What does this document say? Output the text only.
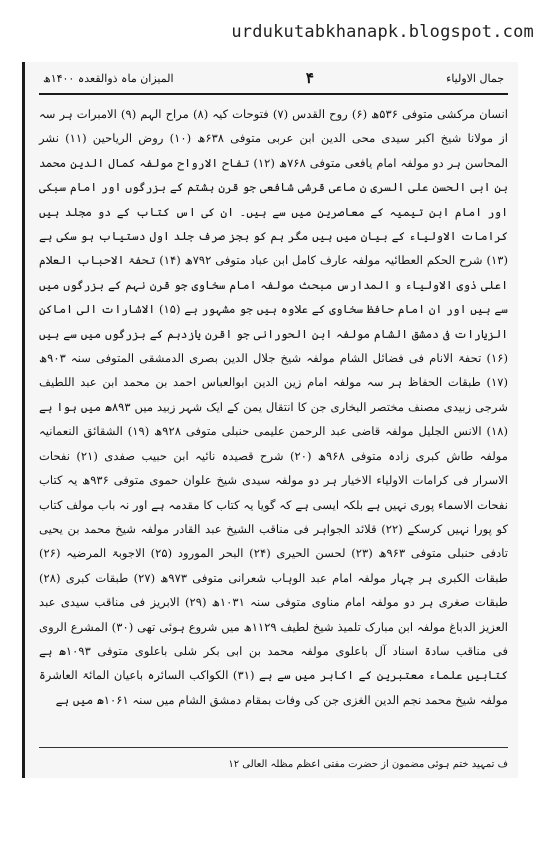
urdukutabkhanapk.blogspot.com
جمال الاولیاء
۴
المیزان ماہ ذوالقعدہ ۱۴۰۰ھ

انسان مرکشی متوفی ۵۳۶ھ (۶) روح القدس (۷) فتوحات کیہ (۸) مراح الہم (۹) الامبرات ہر سہ از مولانا شیخ اکبر سیدی محی الدین ابن عربی متوفی ۶۳۸ھ (۱۰) روض الریاحین (۱۱) نشر المحاسن ہر دو مولفہ امام یافعی متوفی ۷۶۸ھ (۱۲) تفاح الارواح مولفہ کمال الدین محمد بن ابی الحسن علی السری ن ماعی قرشی شافعی جو قرن ہشتم کے بزرگوں اور امام سبکی اور امام ابن تیمیہ کے معاصرین میں سے ہیں۔ ان کی اس کتاب کے دو مجلد ہیں کرامات الاولیاء کے بیان میں ہیں مگر ہم کو بجز صرف جلد اول دستیاب ہو سکی ہے (۱۳) شرح الحکم العطائیہ مولفہ عارف کامل ابن عباد متوفی ۷۹۲ھ (۱۴) تحفۃ الاحباب العلام اعلی ذوی الاولیاء و المدارس مبحث مولفہ امام سخاوی جو قرن نہم کے بزرگوں میں سے ہیں اور ان امام حافظ سخاوی کے علاوہ ہیں جو مشہور ہے (۱۵) الاشارات الی اماکن الزیارات فی دمشق الشام مولفہ ابن الحورانی جو اقرن یازدہم کے بزرگوں میں سے ہیں (۱۶) تحفۃ الانام فی فضائل الشام مولفہ شیخ جلال الدین بصری الدمشقی المتوفی سنہ ۹۰۳ھ (۱۷) طبقات الحفاظ ہر سہ مولفہ امام زین الدین ابوالعباس احمد بن محمد ابن عبد اللطیف شرجی زبیدی مصنف مختصر البخاری جن کا انتقال یمن کے ایک شہر زبید میں ۸۹۳ھ میں ہوا ہے (۱۸) الانس الجلیل مولفہ قاضی عبد الرحمن علیمی حنبلی متوفی ۹۲۸ھ (۱۹) الشقائق النعمانیہ مولفہ طاش کبری زادہ متوفی ۹۶۸ھ (۲۰) شرح قصیدہ نائیہ ابن حبیب صفدی (۲۱) نفحات الاسرار فی کرامات الاولیاء الاخیار ہر دو مولفہ سیدی شیخ علوان حموی متوفی ۹۳۶ھ یہ کتاب نفحات الاسماء پوری نہیں ہے بلکہ ایسی ہے کہ گویا یہ کتاب کا مقدمہ ہے اور نہ باب مولف کتاب کو پورا نہیں کرسکے (۲۲) قلائد الجواہر فی مناقب الشیخ عبد القادر مولفہ شیخ محمد بن یحیی تادفی حنبلی متوفی ۹۶۳ھ (۲۳) لحسن الحیری (۲۴) البحر المورود (۲۵) الاجوبۃ المرضیہ (۲۶) طبقات الکبری ہر چہار مولفہ امام عبد الوہاب شعرانی متوفی ۹۷۳ھ (۲۷) طبقات کبری (۲۸) طبقات صغری ہر دو مولفہ امام مناوی متوفی سنہ ۱۰۳۱ھ (۲۹) الابریز فی مناقب سیدی عبد العزیز الدباغ مولفہ ابن مبارک تلمیذ شیخ لطیف ۱۱۲۹ھ میں شروع ہوئی تھی (۳۰) المشرع الروی فی مناقب سادۃ اسناد آل باعلوی مولفہ محمد بن ابی بکر شلی باعلوی متوفی ۱۰۹۳ھ ہے کتابیں علماء معتبرین کے اکابر میں سے ہے (۳۱) الکواکب السائرہ باعیان المائۃ العاشرۃ مولفہ شیخ محمد نجم الدین الغزی جن کی وفات بمقام دمشق الشام میں سنہ ۱۰۶۱ھ میں ہے

ف تمہید ختم ہوئی مضمون از حضرت مفتی اعظم مظلہ العالی ۱۲
